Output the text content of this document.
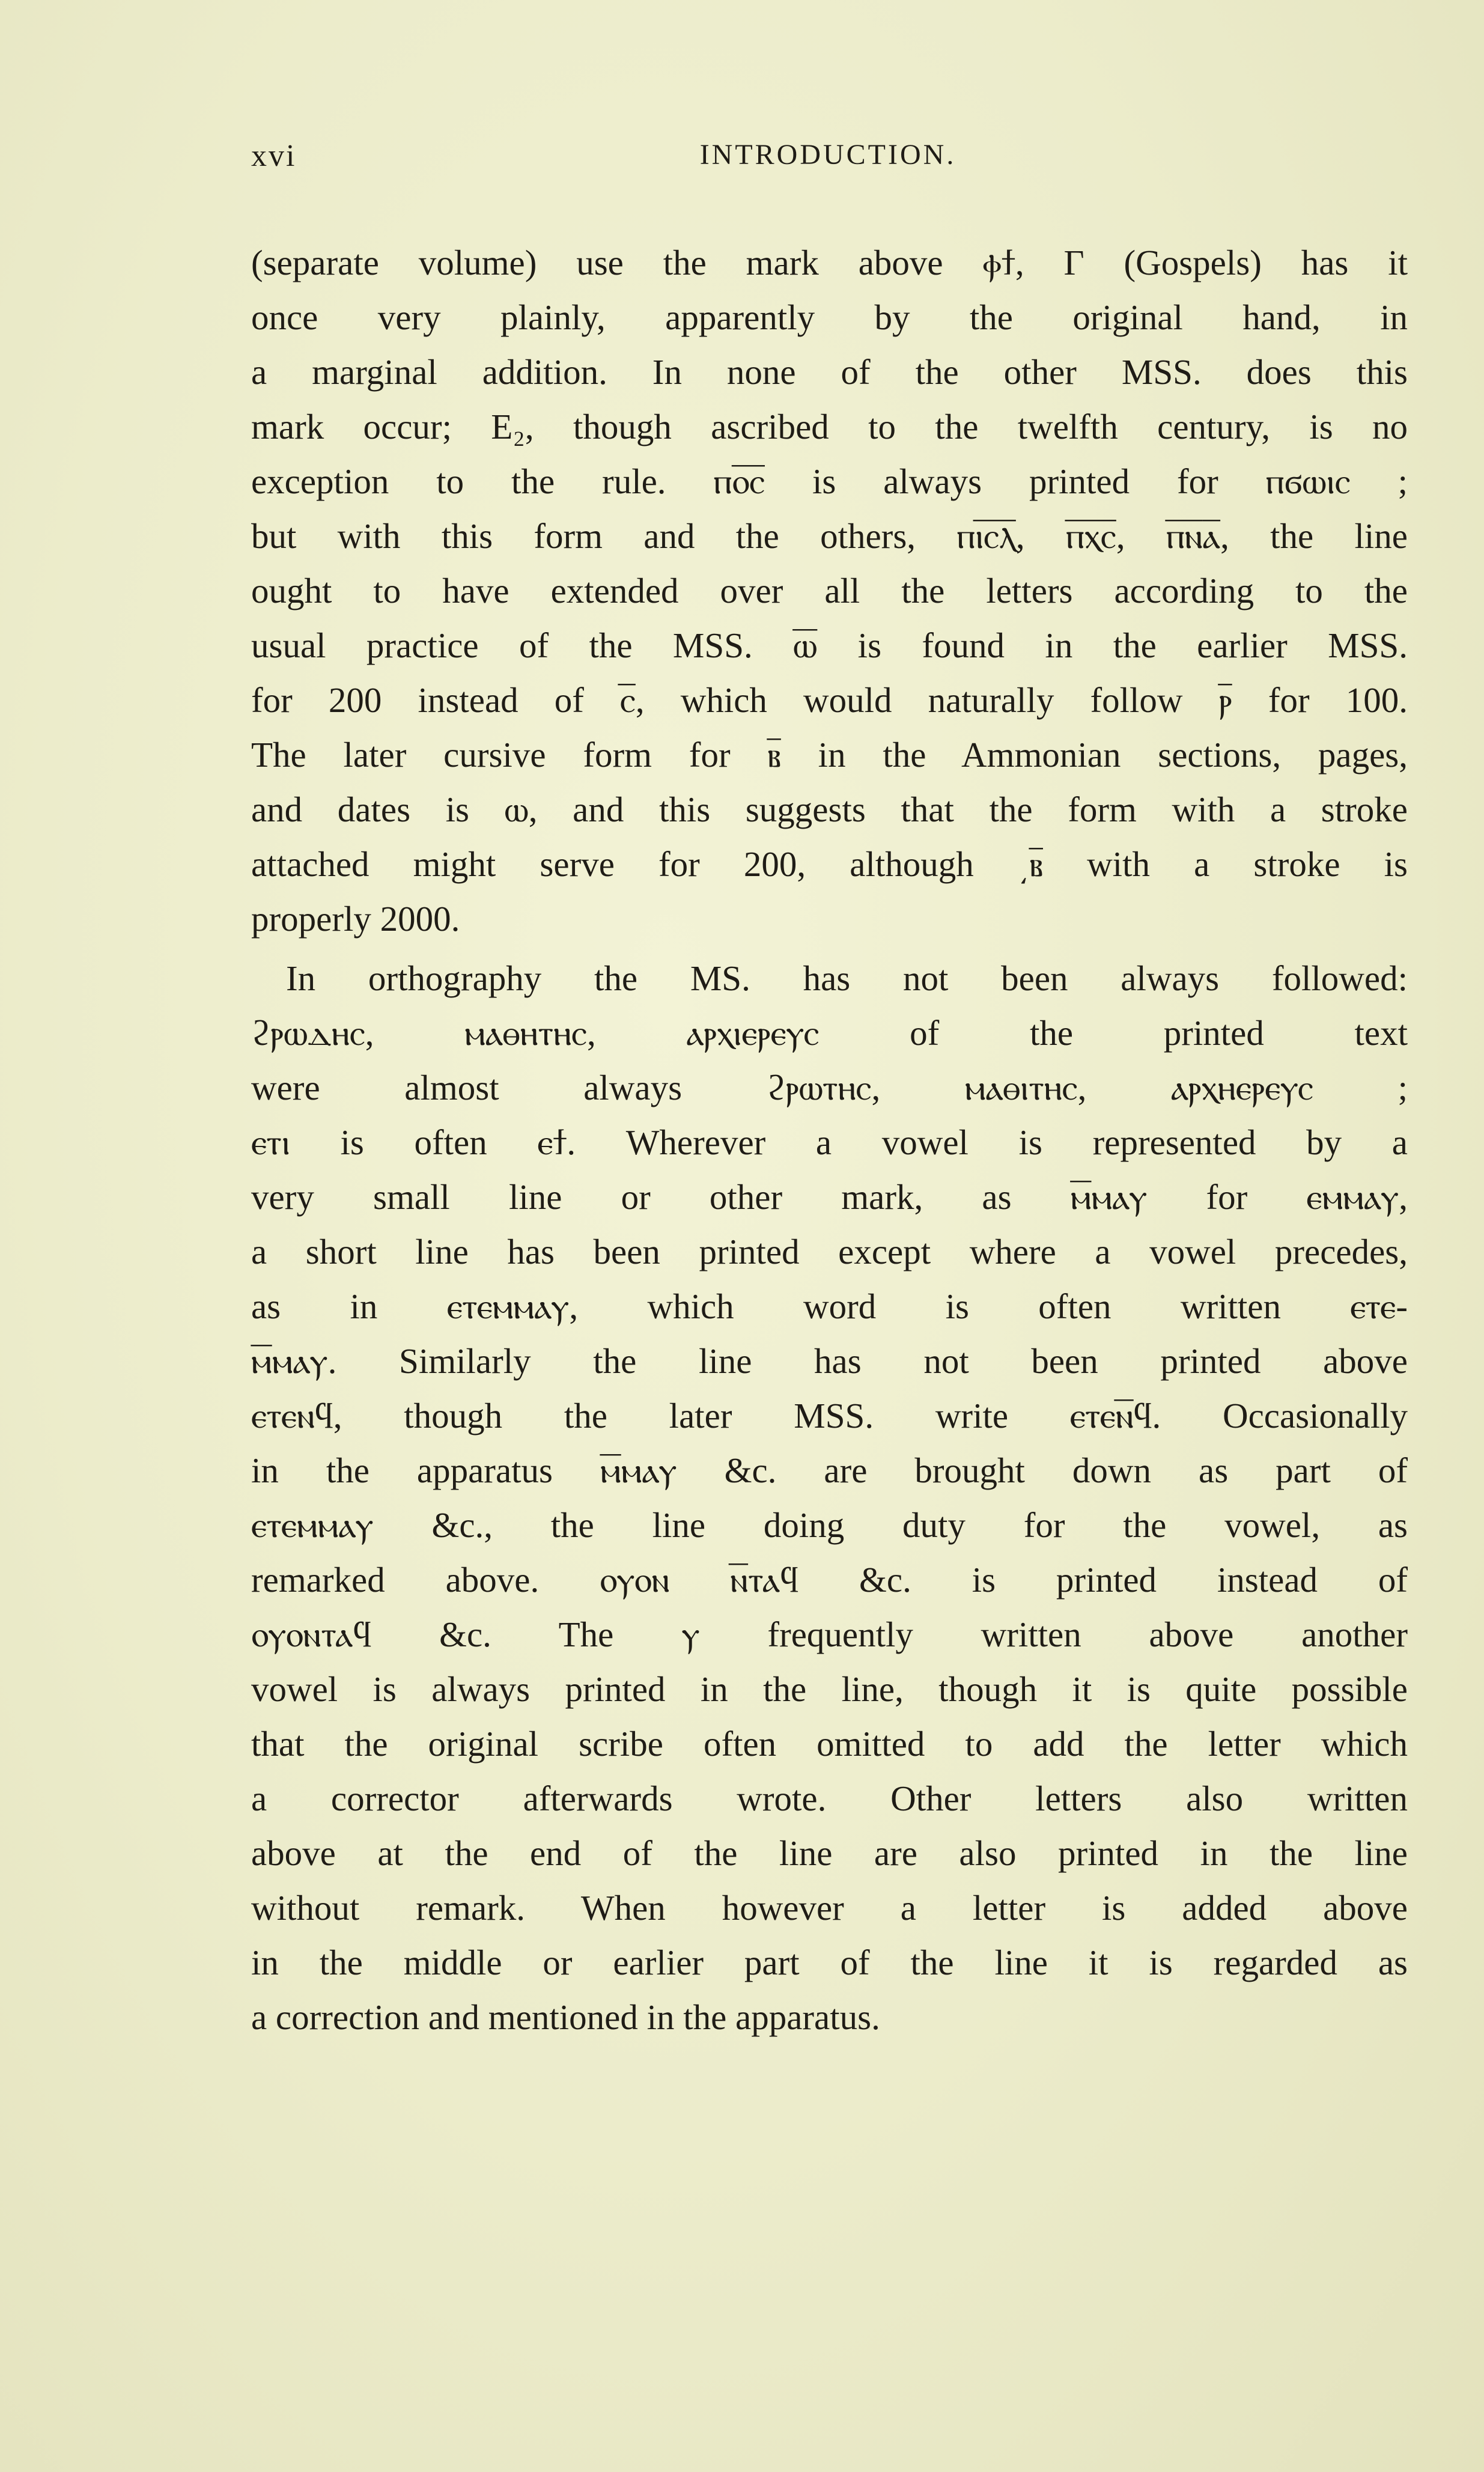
xvi	INTRODUCTION.
(separate volume) use the mark above ⲫϯ, Γ (Gospels) has it
once very plainly, apparently by the original hand, in
a marginal addition. In none of the other MSS. does this
mark occur; E₂, though ascribed to the twelfth century, is no
exception to the rule. ⲡⲟ̅ⲥ̅ is always printed for ⲡϭⲱⲓⲥ ;
but with this form and the others, ⲡⲓ̅ⲥ̅ⲗ̅, ⲡ̅ⲭ̅ⲥ̅, ⲡ̅ⲛ̅ⲁ̅, the line
ought to have extended over all the letters according to the
usual practice of the MSS. ⲱ̅ is found in the earlier MSS.
for 200 instead of ⲥ̅, which would naturally follow ⲣ̅ for 100.
The later cursive form for ⲃ̅ in the Ammonian sections, pages,
and dates is ⲱ, and this suggests that the form with a stroke
attached might serve for 200, although ͵ⲃ̅ with a stroke is
properly 2000.
In orthography the MS. has not been always followed:
ϩⲣⲱⲇⲏⲥ, ⲙⲁⲑⲏⲧⲏⲥ, ⲁⲣⲭⲓⲉⲣⲉⲩⲥ of the printed text
were almost always ϩⲣⲱⲧⲏⲥ, ⲙⲁⲑⲓⲧⲏⲥ, ⲁⲣⲭⲏⲉⲣⲉⲩⲥ ;
ⲉⲧⲓ is often ⲉϯ. Wherever a vowel is represented by a
very small line or other mark, as ⲙ̅ⲙⲁⲩ for ⲉⲙⲙⲁⲩ,
a short line has been printed except where a vowel precedes,
as in ⲉⲧⲉⲙⲙⲁⲩ, which word is often written ⲉⲧⲉ-
ⲙ̅ⲙⲁⲩ. Similarly the line has not been printed above
ⲉⲧⲉⲛϥ, though the later MSS. write ⲉⲧⲉⲛ̅ϥ. Occasionally
in the apparatus ⲙ̅ⲙⲁⲩ &c. are brought down as part of
ⲉⲧⲉⲙⲙⲁⲩ &c., the line doing duty for the vowel, as
remarked above. ⲟⲩⲟⲛ ⲛ̅ⲧⲁϥ &c. is printed instead of
ⲟⲩⲟⲛⲧⲁϥ &c. The ⲩ frequently written above another
vowel is always printed in the line, though it is quite possible
that the original scribe often omitted to add the letter which
a corrector afterwards wrote. Other letters also written
above at the end of the line are also printed in the line
without remark. When however a letter is added above
in the middle or earlier part of the line it is regarded as
a correction and mentioned in the apparatus.
